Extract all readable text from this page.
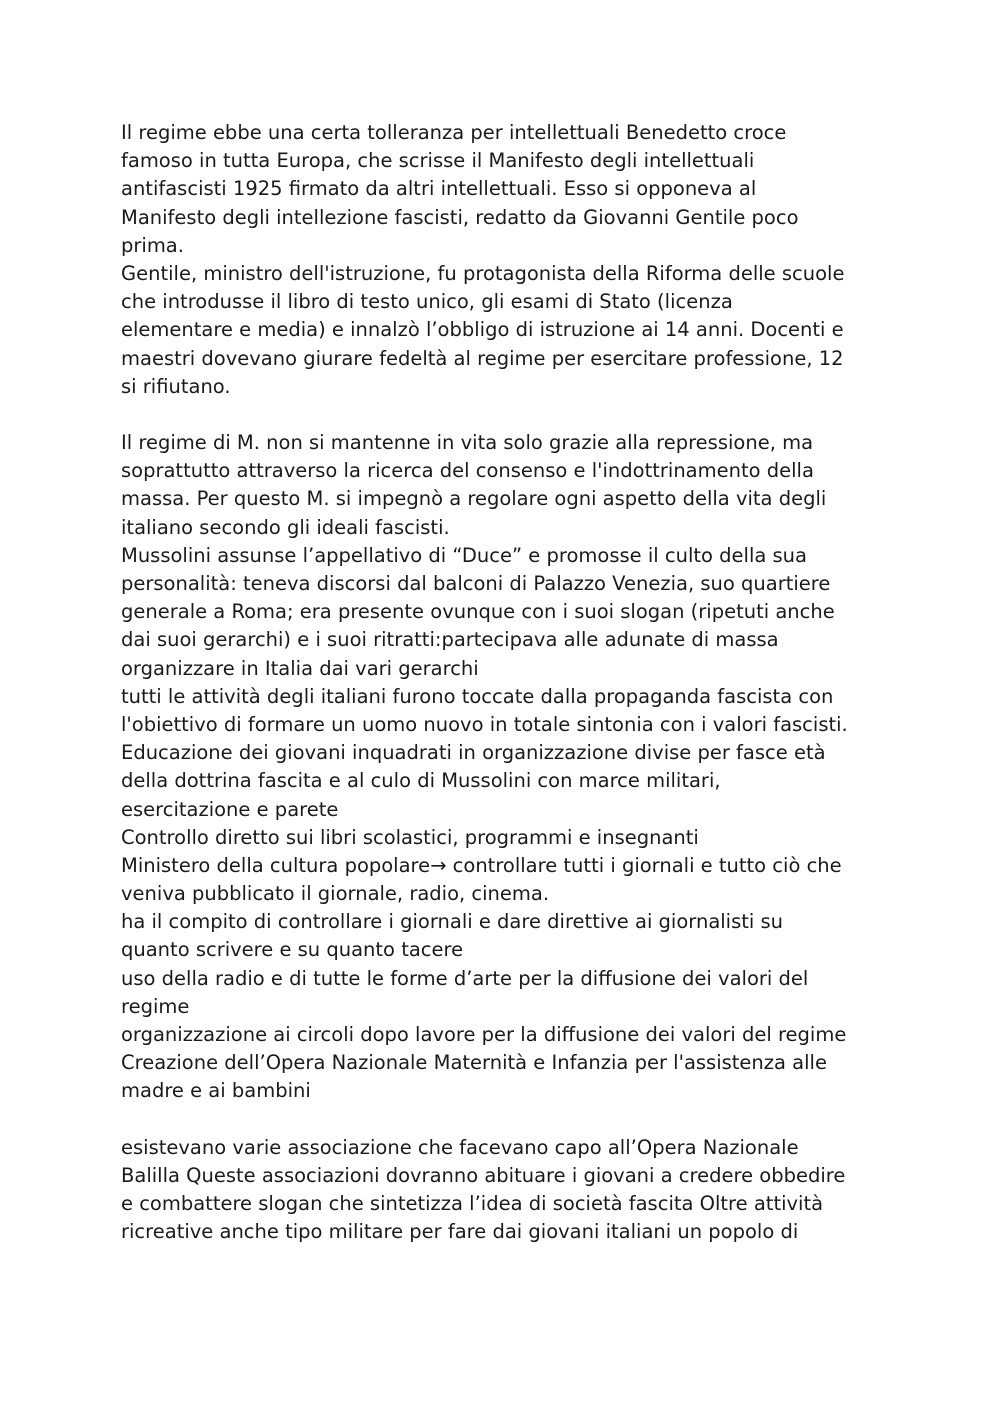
Il regime ebbe una certa tolleranza per intellettuali Benedetto croce
famoso in tutta Europa, che scrisse il Manifesto degli intellettuali
antifascisti 1925 firmato da altri intellettuali. Esso si opponeva al
Manifesto degli intellezione fascisti, redatto da Giovanni Gentile poco
prima.
Gentile, ministro dell'istruzione, fu protagonista della Riforma delle scuole
che introdusse il libro di testo unico, gli esami di Stato (licenza
elementare e media) e innalzò l’obbligo di istruzione ai 14 anni. Docenti e
maestri dovevano giurare fedeltà al regime per esercitare professione, 12
si rifiutano.
Il regime di M. non si mantenne in vita solo grazie alla repressione, ma
soprattutto attraverso la ricerca del consenso e l'indottrinamento della
massa. Per questo M. si impegnò a regolare ogni aspetto della vita degli
italiano secondo gli ideali fascisti.
Mussolini assunse l’appellativo di “Duce” e promosse il culto della sua
personalità: teneva discorsi dal balconi di Palazzo Venezia, suo quartiere
generale a Roma; era presente ovunque con i suoi slogan (ripetuti anche
dai suoi gerarchi) e i suoi ritratti:partecipava alle adunate di massa
organizzare in Italia dai vari gerarchi
tutti le attività degli italiani furono toccate dalla propaganda fascista con
l'obiettivo di formare un uomo nuovo in totale sintonia con i valori fascisti.
Educazione dei giovani inquadrati in organizzazione divise per fasce età
della dottrina fascita e al culo di Mussolini con marce militari,
esercitazione e parete
Controllo diretto sui libri scolastici, programmi e insegnanti
Ministero della cultura popolare→ controllare tutti i giornali e tutto ciò che
veniva pubblicato il giornale, radio, cinema.
ha il compito di controllare i giornali e dare direttive ai giornalisti su
quanto scrivere e su quanto tacere
uso della radio e di tutte le forme d’arte per la diffusione dei valori del
regime
organizzazione ai circoli dopo lavore per la diffusione dei valori del regime
Creazione dell’Opera Nazionale Maternità e Infanzia per l'assistenza alle
madre e ai bambini
esistevano varie associazione che facevano capo all’Opera Nazionale
Balilla Queste associazioni dovranno abituare i giovani a credere obbedire
e combattere slogan che sintetizza l’idea di società fascita Oltre attività
ricreative anche tipo militare per fare dai giovani italiani un popolo di
